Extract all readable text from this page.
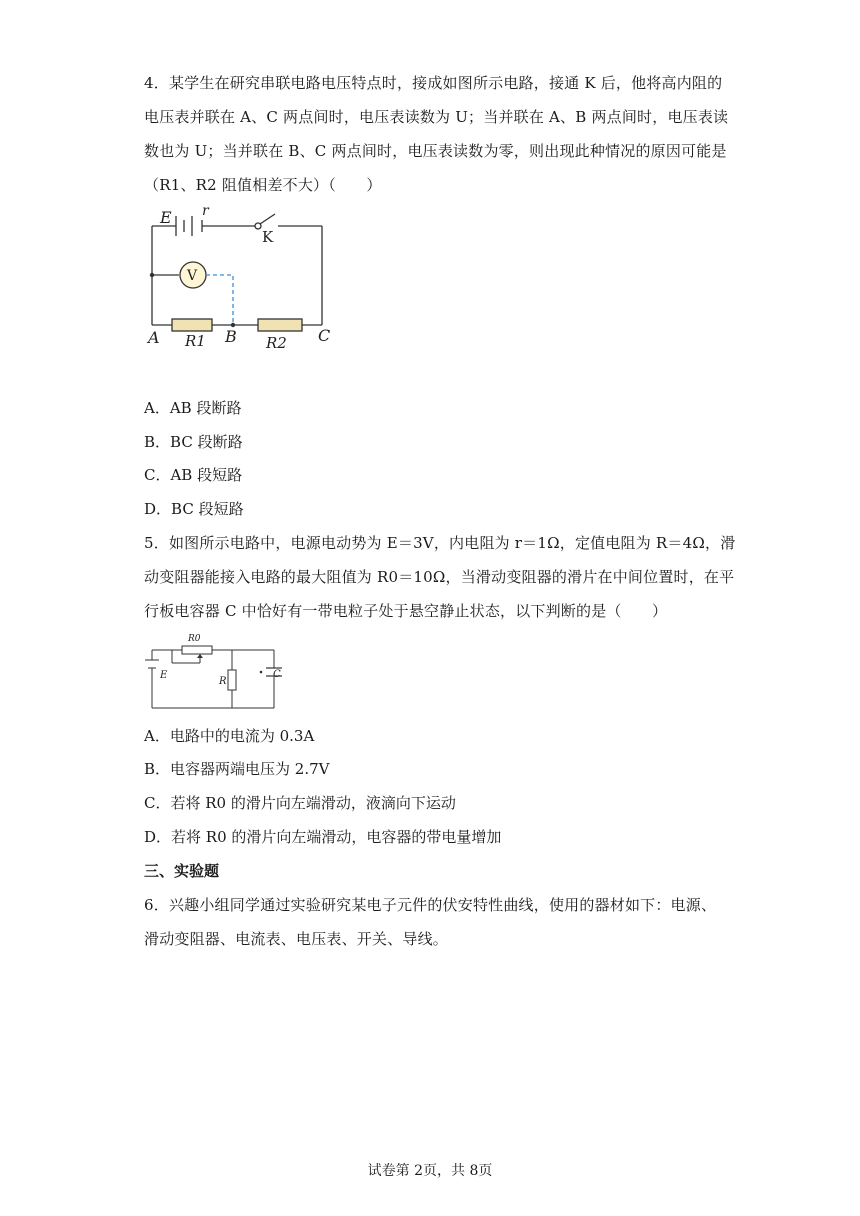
4．某学生在研究串联电路电压特点时，接成如图所示电路，接通 K 后，他将高内阻的
电压表并联在 A、C 两点间时，电压表读数为 U；当并联在 A、B 两点间时，电压表读
数也为 U；当并联在 B、C 两点间时，电压表读数为零，则出现此种情况的原因可能是
（R1、R2 阻值相差不大）（　　）
E r
K
V
A	B	C
R1	R2
A．AB 段断路
B．BC 段断路
C．AB 段短路
D．BC 段短路
5．如图所示电路中，电源电动势为 E＝3V，内电阻为 r＝1Ω，定值电阻为 R＝4Ω，滑
动变阻器能接入电路的最大阻值为 R0＝10Ω，当滑动变阻器的滑片在中间位置时，在平
行板电容器 C 中恰好有一带电粒子处于悬空静止状态，以下判断的是（　　）
R0
E
R
C
A．电路中的电流为 0.3A
B．电容器两端电压为 2.7V
C．若将 R0 的滑片向左端滑动，液滴向下运动
D．若将 R0 的滑片向左端滑动，电容器的带电量增加
三、实验题
6．兴趣小组同学通过实验研究某电子元件的伏安特性曲线，使用的器材如下：电源、
滑动变阻器、电流表、电压表、开关、导线。
试卷第 2页，共 8页
